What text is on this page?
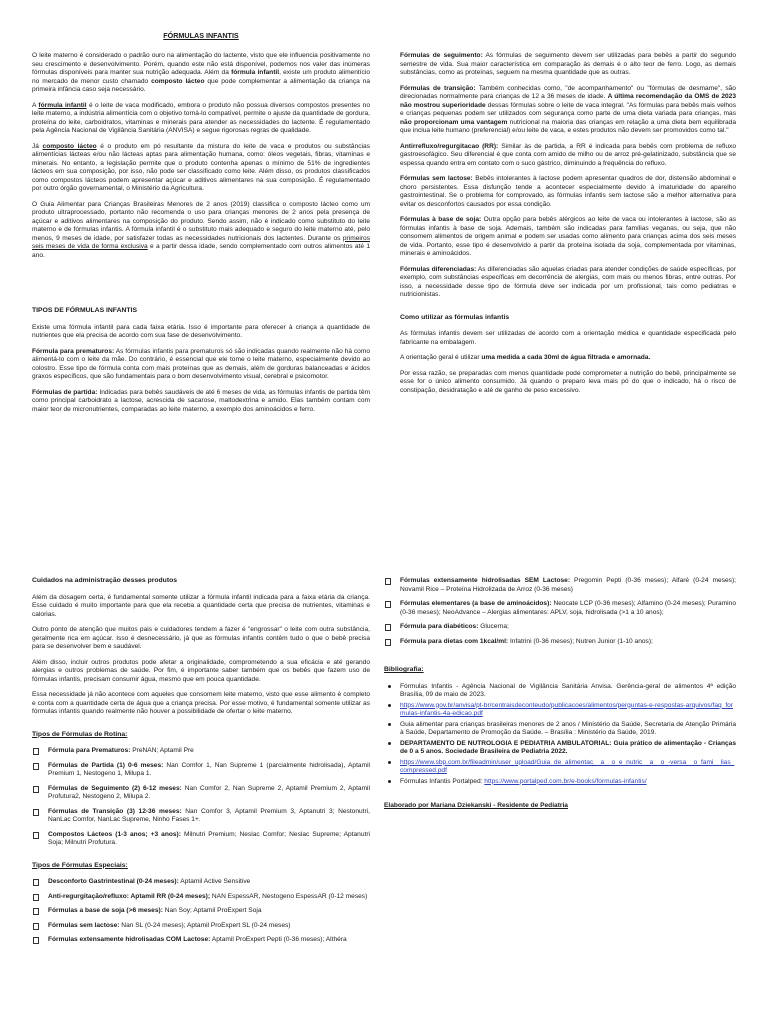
FÓRMULAS INFANTIS

O leite materno é considerado o padrão ouro na alimentação do lactente, visto que ele influencia positivamente no seu crescimento e desenvolvimento. Porém, quando este não está disponível, podemos nos valer das inúmeras fórmulas disponíveis para manter sua nutrição adequada. Além da fórmula infantil, existe um produto alimentício no mercado de menor custo chamado composto lácteo que pode complementar a alimentação da criança na primeira infância caso seja necessário.

A fórmula infantil é o leite de vaca modificado, embora o produto não possua diversos compostos presentes no leite materno, a indústria alimentícia com o objetivo torná-lo compatível, permite o ajuste da quantidade de gordura, proteína do leite, carboidratos, vitaminas e minerais para atender as necessidades do lactente. É regulamentado pela Agência Nacional de Vigilância Sanitária (ANVISA) e segue rigorosas regras de qualidade.

Já composto lácteo é o produto em pó resultante da mistura do leite de vaca e produtos ou substâncias alimentícias lácteas e/ou não lácteas aptas para alimentação humana, como: óleos vegetais, fibras, vitaminas e minerais. No entanto, a legislação permite que o produto contenha apenas o mínimo de 51% de ingredientes lácteos em sua composição, por isso, não pode ser classificado como leite. Além disso, os produtos classificados como compostos lácteos podem apresentar açúcar e aditivos alimentares na sua composição. É regulamentado por outro órgão governamental, o Ministério da Agricultura.

O Guia Alimentar para Crianças Brasileiras Menores de 2 anos (2019) classifica o composto lácteo como um produto ultraprocessado, portanto não recomenda o uso para crianças menores de 2 anos pela presença de açúcar e aditivos alimentares na composição do produto. Sendo assim, não é indicado como substituto do leite materno e de fórmulas infantis. A fórmula infantil é o substituto mais adequado e seguro do leite materno até, pelo menos, 9 meses de idade, por satisfazer todas as necessidades nutricionais dos lactentes. Durante os primeiros seis meses de vida de forma exclusiva e a partir dessa idade, sendo complementado com outros alimentos até 1 ano.

TIPOS DE FÓRMULAS INFANTIS

Existe uma fórmula infantil para cada faixa etária. Isso é importante para oferecer à criança a quantidade de nutrientes que ela precisa de acordo com sua fase de desenvolvimento.

Fórmula para prematuros: As fórmulas infantis para prematuros só são indicadas quando realmente não há como alimentá-lo com o leite da mãe. Do contrário, é essencial que ele tome o leite materno, especialmente devido ao colostro. Esse tipo de fórmula conta com mais proteínas que as demais, além de gorduras balanceadas e ácidos graxos específicos, que são fundamentais para o bom desenvolvimento visual, cerebral e psicomotor.

Fórmulas de partida: Indicadas para bebês saudáveis de até 6 meses de vida, as fórmulas infantis de partida têm como principal carboidrato a lactose, acrescida de sacarose, maltodextrina e amido. Elas também contam com maior teor de micronutrientes, comparadas ao leite materno, a exemplo dos aminoácidos e ferro.

Fórmulas de seguimento: As fórmulas de seguimento devem ser utilizadas para bebês a partir do segundo semestre de vida. Sua maior característica em comparação às demais é o alto teor de ferro. Logo, as demais substâncias, como as proteínas, seguem na mesma quantidade que as outras.

Fórmulas de transição: Também conhecidas como, "de acompanhamento" ou "fórmulas de desmame", são direcionadas normalmente para crianças de 12 a 36 meses de idade. A última recomendação da OMS de 2023 não mostrou superioridade dessas fórmulas sobre o leite de vaca integral. "As fórmulas para bebês mais velhos e crianças pequenas podem ser utilizados com segurança como parte de uma dieta variada para crianças, mas não proporcionam uma vantagem nutricional na maioria das crianças em relação a uma dieta bem equilibrada que inclua leite humano (preferencial) e/ou leite de vaca, e estes produtos não devem ser promovidos como tal."

Antirrefluxo/regurgitacao (RR): Similar às de partida, a RR é indicada para bebês com problema de refluxo gastroesofágico. Seu diferencial é que conta com amido de milho ou de arroz pré-gelatinizado, substância que se espessa quando entra em contato com o suco gástrico, diminuindo a frequência do refluxo.

Fórmulas sem lactose: Bebês intolerantes à lactose podem apresentar quadros de dor, distensão abdominal e choro persistentes. Essa disfunção tende a acontecer especialmente devido à imaturidade do aparelho gastrointestinal. Se o problema for comprovado, as fórmulas infantis sem lactose são a melhor alternativa para evitar os desconfortos causados por essa condição.

Fórmulas à base de soja: Outra opção para bebês alérgicos ao leite de vaca ou intolerantes à lactose, são as fórmulas infantis à base de soja. Ademais, também são indicadas para famílias veganas, ou seja, que não consomem alimentos de origem animal e podem ser usadas como alimento para crianças acima dos seis meses de vida. Portanto, esse tipo é desenvolvido a partir da proteína isolada da soja, complementada por vitaminas, minerais e aminoácidos.

Fórmulas diferenciadas: As diferenciadas são aquelas criadas para atender condições de saúde específicas, por exemplo, com substâncias específicas em decorrência de alergias, com mais ou menos fibras, entre outras. Por isso, a necessidade desse tipo de fórmula deve ser indicada por um profissional, tais como pediatras e nutricionistas.

Como utilizar as fórmulas infantis

As fórmulas infantis devem ser utilizadas de acordo com a orientação médica e quantidade especificada pelo fabricante na embalagem.

A orientação geral é utilizar uma medida a cada 30ml de água filtrada e amornada.

Por essa razão, se preparadas com menos quantidade pode comprometer a nutrição do bebê, principalmente se esse for o único alimento consumido. Já quando o preparo leva mais pó do que o indicado, há o risco de constipação, desidratação e até de ganho de peso excessivo.

Cuidados na administração desses produtos

Além da dosagem certa, é fundamental somente utilizar a fórmula infantil indicada para a faixa etária da criança. Esse cuidado é muito importante para que ela receba a quantidade certa que precisa de nutrientes, vitaminas e calorias.

Outro ponto de atenção que muitos pais e cuidadores tendem a fazer é "engrossar" o leite com outra substância, geralmente rica em açúcar. Isso é desnecessário, já que as fórmulas infantis contêm tudo o que o bebê precisa para se desenvolver bem e saudável.

Além disso, incluir outros produtos pode afetar a originalidade, comprometendo a sua eficácia e até gerando alergias e outros problemas de saúde. Por fim, é importante saber também que os bebês que fazem uso de fórmulas infantis, precisam consumir água, mesmo que em pouca quantidade.

Essa necessidade já não acontece com aqueles que consomem leite materno, visto que esse alimento é completo e conta com a quantidade certa de água que a criança precisa. Por esse motivo, é fundamental somente utilizar as fórmulas infantis quando realmente não houver a possibilidade de ofertar o leite materno.

Tipos de Fórmulas de Rotina:
Fórmula para Prematuros: PreNAN; Aptamil Pre
Fórmulas de Partida (1) 0-6 meses: Nan Comfor 1, Nan Supreme 1 (parcialmente hidrolisada), Aptamil Premium 1, Nestogeno 1, Milupa 1.
Fórmulas de Seguimento (2) 6-12 meses: Nan Comfor 2, Nan Supreme 2, Aptamil Premium 2, Aptamil Profutura2, Nestogeno 2, Milupa 2.
Fórmulas de Transição (3) 12-36 meses: Nan Comfor 3, Aptamil Premium 3, Aptanutri 3; Nestonutri, NanLac Comfor, NanLac Supreme, Ninho Fases 1+.
Compostos Lácteos (1-3 anos; +3 anos): Milnutri Premium; Neslac Comfor; Neslac Supreme; Aptanutri Soja; Milnutri Profutura.
Tipos de Fórmulas Especiais:
Desconforto Gastrintestinal (0-24 meses): Aptamil Active Sensitive
Anti-regurgitação/refluxo: Aptamil RR (0-24 meses); NAN EspessAR, Nestogeno EspessAR (0-12 meses)
Fórmulas a base de soja (>6 meses): Nan Soy; Aptamil ProExpert Soja
Fórmulas sem lactose: Nan SL (0-24 meses); Aptamil ProExpert SL (0-24 meses)
Fórmulas extensamente hidrolisadas COM Lactose: Aptamil ProExpert Pepti (0-36 meses); Althéra
Fórmulas extensamente hidrolisadas SEM Lactose: Pregomin Pepti (0-36 meses); Alfaré (0-24 meses); Novamil Rice – Proteína Hidrolizada de Arroz (0-36 meses)
Fórmulas elementares (a base de aminoácidos): Neocate LCP (0-36 meses); Alfamino (0-24 meses); Puramino (0-36 meses); NeoAdvance – Alergias alimentares: APLV, soja, hidrolisada (>1 a 10 anos);
Fórmula para diabéticos: Glucerna;
Fórmula para dietas com 1kcal/ml: Infatrini (0-36 meses); Nutren Junior (1-10 anos);
Bibliografia:
Fórmulas Infantis - Agência Nacional de Vigilância Sanitária Anvisa. Gerência-geral de alimentos 4ª edição Brasília, 09 de maio de 2023.
https://www.gov.br/anvisa/pt-br/centraisdeconteudo/publicacoes/alimentos/perguntas-e-respostas-arquivos/faq_formulas-infantis-4a-edicao.pdf
Guia alimentar para crianças brasileiras menores de 2 anos / Ministério da Saúde, Secretaria de Atenção Primária à Saúde, Departamento de Promoção da Saúde. – Brasília : Ministério da Saúde, 2019.
DEPARTAMENTO DE NUTROLOGIA E PEDIATRIA AMBULATORIAL: Guia prático de alimentação - Crianças de 0 a 5 anos. Sociedade Brasileira de Pediatria 2022.
https://www.sbp.com.br/fileadmin/user_upload/Guia_de_alimentac__a__o_e_nutric__a__o_-versa__o_fami__lias_compressed.pdf
Fórmulas Infantis Portalped: https://www.portalped.com.br/e-books/formulas-infantis/
Elaborado por Mariana Dziekanski - Residente de Pediatria
